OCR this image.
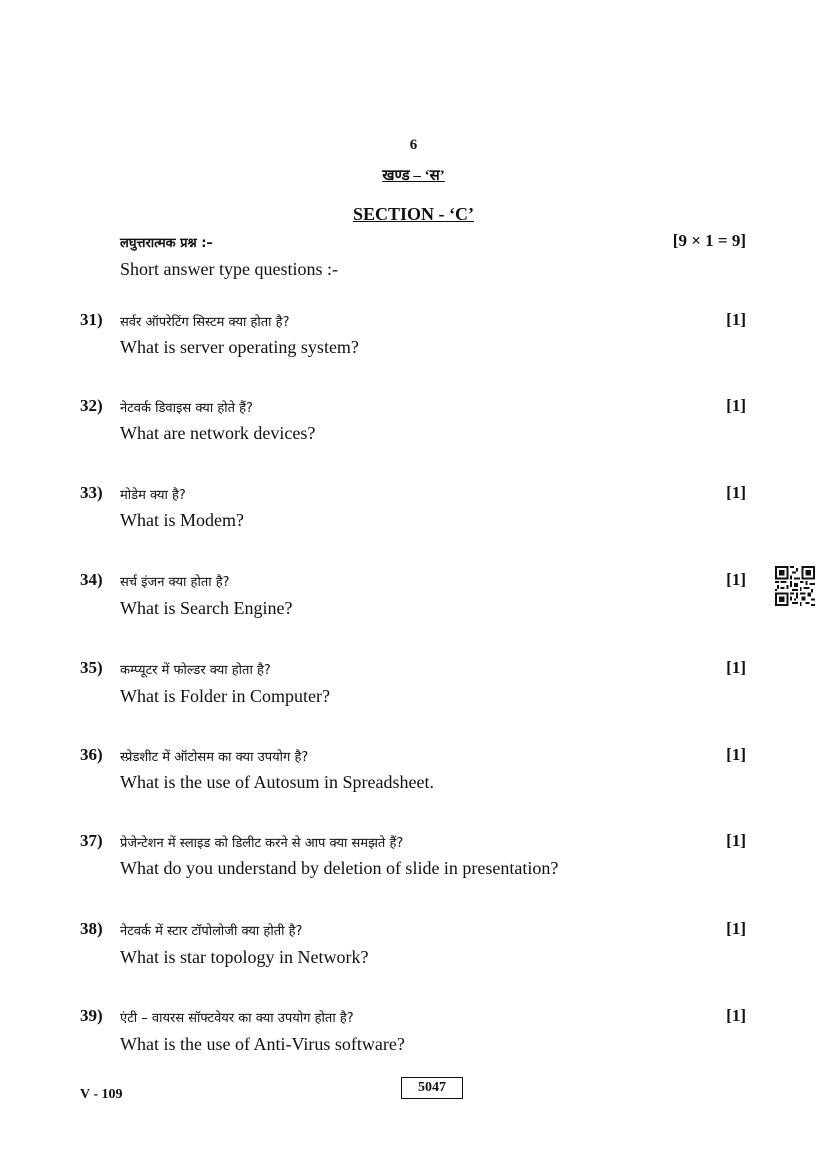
6
खण्ड – ‘स’
SECTION - ‘C’
लघुत्तरात्मक प्रश्न :–	[9 × 1 = 9]
Short answer type questions :-
31)	सर्वर ऑपरेटिंग सिस्टम क्या होता है?	[1]
What is server operating system?
32)	नेटवर्क डिवाइस क्या होते हैं?	[1]
What are network devices?
33)	मोडेम क्या है?	[1]
What is Modem?
34)	सर्च इंजन क्या होता है?	[1]
What is Search Engine?
35)	कम्प्यूटर में फोल्डर क्या होता है?	[1]
What is Folder in Computer?
36)	स्प्रेडशीट में ऑटोसम का क्या उपयोग है?	[1]
What is the use of Autosum in Spreadsheet.
37)	प्रेजेन्टेशन में स्लाइड को डिलीट करने से आप क्या समझते हैं?	[1]
What do you understand by deletion of slide in presentation?
38)	नेटवर्क में स्टार टॉपोलोजी क्या होती है?	[1]
What is star topology in Network?
39)	एंटी – वायरस सॉफ्टवेयर का क्या उपयोग होता है?	[1]
What is the use of Anti-Virus software?
V - 109	5047
